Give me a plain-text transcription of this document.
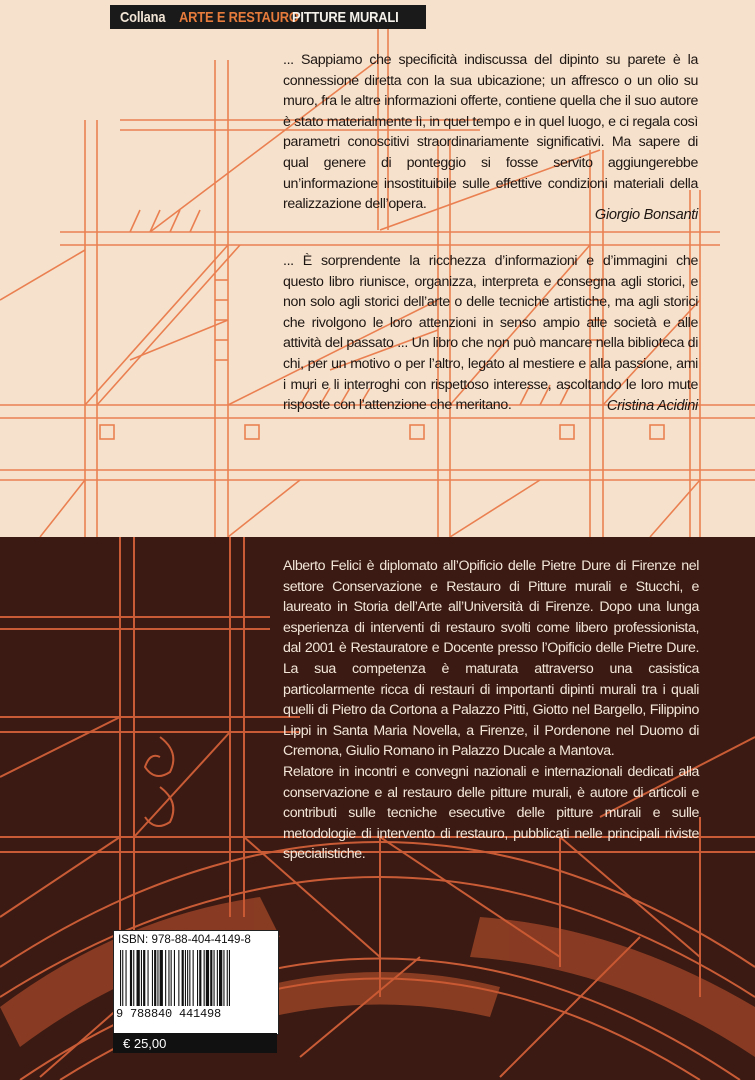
Collana ARTE E RESTAURO
PITTURE MURALI

... Sappiamo che specificità indiscussa del dipinto su parete è la connessione diretta con la sua ubicazione; un affresco o un olio su muro, fra le altre informazioni offerte, contiene quella che il suo autore è stato materialmente lì, in quel tempo e in quel luogo, e ci regala così parametri conoscitivi straordinariamente significativi. Ma sapere di qual genere di ponteggio si fosse servito aggiungerebbe un’informazione insostituibile sulle effettive condizioni materiali della realizzazione dell’opera.

Giorgio Bonsanti

... È sorprendente la ricchezza d’informazioni e d’immagini che questo libro riunisce, organizza, interpreta e consegna agli storici, e non solo agli storici dell’arte o delle tecniche artistiche, ma agli storici che rivolgono le loro attenzioni in senso ampio alle società e alle attività del passato ... Un libro che non può mancare nella biblioteca di chi, per un motivo o per l’altro, legato al mestiere e alla passione, ami i muri e li interroghi con rispettoso interesse, ascoltando le loro mute risposte con l’attenzione che meritano.	Cristina Acidini

Alberto Felici è diplomato all’Opificio delle Pietre Dure di Firenze nel settore Conservazione e Restauro di Pitture murali e Stucchi, e laureato in Storia dell’Arte all’Università di Firenze. Dopo una lunga esperienza di interventi di restauro svolti come libero professionista, dal 2001 è Restauratore e Docente presso l’Opificio delle Pietre Dure. La sua competenza è maturata attraverso una casistica particolarmente ricca di restauri di importanti dipinti murali tra i quali quelli di Pietro da Cortona a Palazzo Pitti, Giotto nel Bargello, Filippino Lippi in Santa Maria Novella, a Firenze, il Pordenone nel Duomo di Cremona, Giulio Romano in Palazzo Ducale a Mantova.

Relatore in incontri e convegni nazionali e internazionali dedicati alla conservazione e al restauro delle pitture murali, è autore di articoli e contributi sulle tecniche esecutive delle pitture murali e sulle metodologie di intervento di restauro, pubblicati nelle principali riviste specialistiche.

ISBN: 978-88-404-4149-8
9 788840 441498
€ 25,00
